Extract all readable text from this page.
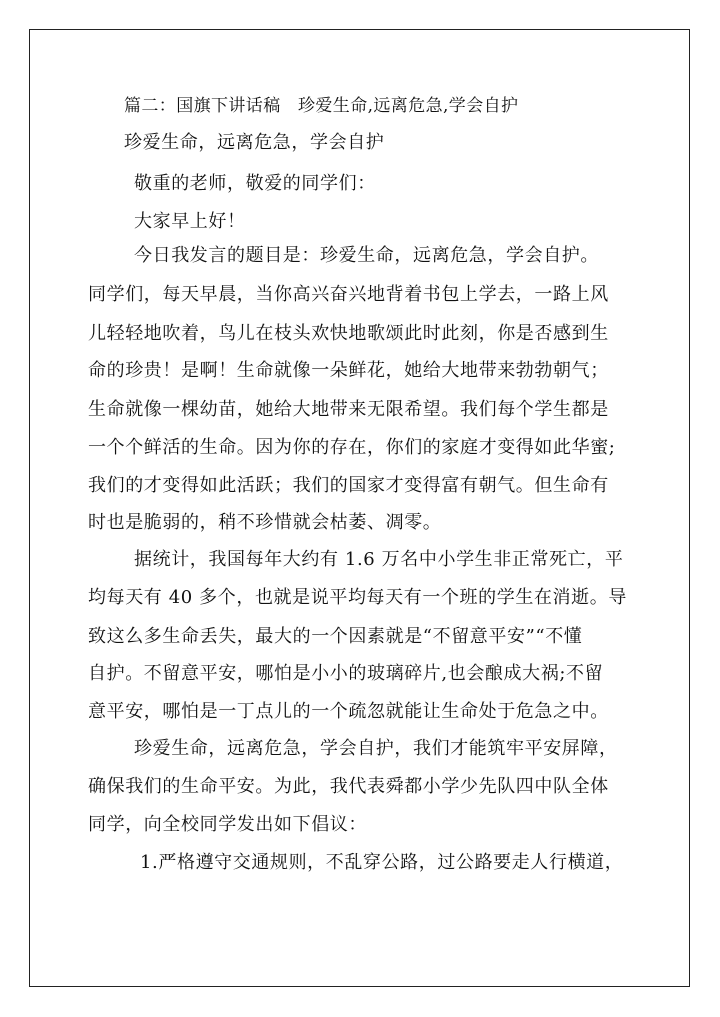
篇二：国旗下讲话稿　珍爱生命,远离危急,学会自护
珍爱生命，远离危急，学会自护
敬重的老师，敬爱的同学们：
大家早上好！
今日我发言的题目是：珍爱生命，远离危急，学会自护。
同学们，每天早晨，当你高兴奋兴地背着书包上学去，一路上风
儿轻轻地吹着，鸟儿在枝头欢快地歌颂此时此刻，你是否感到生
命的珍贵！是啊！生命就像一朵鲜花，她给大地带来勃勃朝气；
生命就像一棵幼苗，她给大地带来无限希望。我们每个学生都是
一个个鲜活的生命。因为你的存在，你们的家庭才变得如此华蜜;
我们的才变得如此活跃；我们的国家才变得富有朝气。但生命有
时也是脆弱的，稍不珍惜就会枯萎、凋零。
据统计，我国每年大约有 1.6 万名中小学生非正常死亡，平
均每天有 40 多个，也就是说平均每天有一个班的学生在消逝。导
致这么多生命丢失，最大的一个因素就是“不留意平安”“不懂
自护。不留意平安，哪怕是小小的玻璃碎片,也会酿成大祸;不留
意平安，哪怕是一丁点儿的一个疏忽就能让生命处于危急之中。
珍爱生命，远离危急，学会自护，我们才能筑牢平安屏障，
确保我们的生命平安。为此，我代表舜都小学少先队四中队全体
同学，向全校同学发出如下倡议：
1.严格遵守交通规则，不乱穿公路，过公路要走人行横道，
